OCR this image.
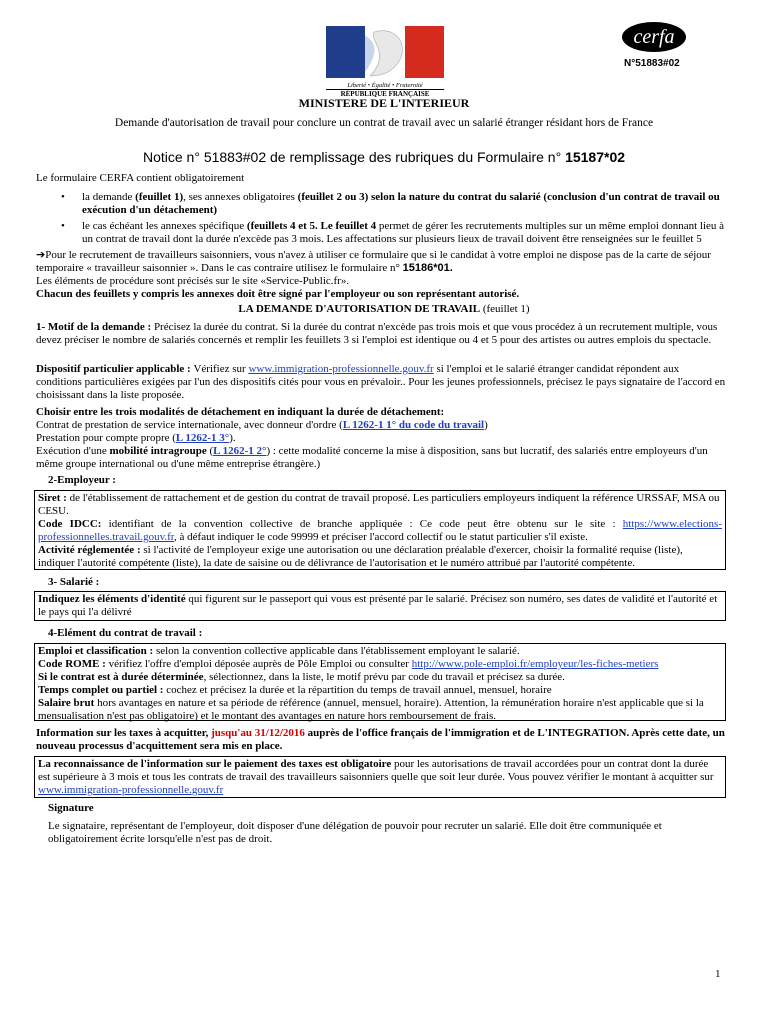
Liberté • Égalité • Fraternité
RÉPUBLIQUE FRANÇAISE
cerfa
N°51883#02
MINISTERE DE L'INTERIEUR
Demande d'autorisation de travail pour conclure un contrat de travail avec un salarié étranger résidant hors de France
Notice n° 51883#02 de remplissage des rubriques du Formulaire n° 15187*02
Le formulaire CERFA contient obligatoirement
• la demande (feuillet 1), ses annexes obligatoires (feuillet 2 ou 3) selon la nature du contrat du salarié (conclusion d'un contrat de travail ou exécution d'un détachement)
• le cas échéant les annexes spécifique (feuillets 4 et 5. Le feuillet 4 permet de gérer les recrutements multiples sur un même emploi donnant lieu à un contrat de travail dont la durée n'excède pas 3 mois. Les affectations sur plusieurs lieux de travail doivent être renseignées sur le feuillet 5
➔Pour le recrutement de travailleurs saisonniers, vous n'avez à utiliser ce formulaire que si le candidat à votre emploi ne dispose pas de la carte de séjour temporaire « travailleur saisonnier ». Dans le cas contraire utilisez le formulaire n° 15186*01.
Les éléments de procédure sont précisés sur le site «Service-Public.fr».
Chacun des feuillets y compris les annexes doit être signé par l'employeur ou son représentant autorisé.
LA DEMANDE D'AUTORISATION DE TRAVAIL (feuillet 1)
1- Motif de la demande : Précisez la durée du contrat. Si la durée du contrat n'excède pas trois mois et que vous procédez à un recrutement multiple, vous devez préciser le nombre de salariés concernés et remplir les feuillets 3 si l'emploi est identique ou 4 et 5 pour des artistes ou autres emplois du spectacle.
Dispositif particulier applicable : Vérifiez sur www.immigration-professionnelle.gouv.fr si l'emploi et le salarié étranger candidat répondent aux conditions particulières exigées par l'un des dispositifs cités pour vous en prévaloir.. Pour les jeunes professionnels, précisez le pays signataire de l'accord en choisissant dans la liste proposée.
Choisir entre les trois modalités de détachement en indiquant la durée de détachement:
Contrat de prestation de service internationale, avec donneur d'ordre (L 1262-1 1° du code du travail)
Prestation pour compte propre (L 1262-1 3°).
Exécution d'une mobilité intragroupe (L 1262-1 2°) : cette modalité concerne la mise à disposition, sans but lucratif, des salariés entre employeurs d'un même groupe international ou d'une même entreprise étrangère.)
2-Employeur :
Siret : de l'établissement de rattachement et de gestion du contrat de travail proposé. Les particuliers employeurs indiquent la référence URSSAF, MSA ou CESU.
Code IDCC: identifiant de la convention collective de branche appliquée : Ce code peut être obtenu sur le site : https://www.elections-professionnelles.travail.gouv.fr, à défaut indiquer le code 99999 et préciser l'accord collectif ou le statut particulier s'il existe.
Activité réglementée : si l'activité de l'employeur exige une autorisation ou une déclaration préalable d'exercer, choisir la formalité requise (liste), indiquer l'autorité compétente (liste), la date de saisine ou de délivrance de l'autorisation et le numéro attribué par l'autorité compétente.
3- Salarié :
Indiquez les éléments d'identité qui figurent sur le passeport qui vous est présenté par le salarié. Précisez son numéro, ses dates de validité et l'autorité et le pays qui l'a délivré
4-Elément du contrat de travail :
Emploi et classification : selon la convention collective applicable dans l'établissement employant le salarié.
Code ROME : vérifiez l'offre d'emploi déposée auprès de Pôle Emploi ou consulter http://www.pole-emploi.fr/employeur/les-fiches-metiers
Si le contrat est à durée déterminée, sélectionnez, dans la liste, le motif prévu par code du travail et précisez sa durée.
Temps complet ou partiel : cochez et précisez la durée et la répartition du temps de travail annuel, mensuel, horaire
Salaire brut hors avantages en nature et sa période de référence (annuel, mensuel, horaire). Attention, la rémunération horaire n'est applicable que si la mensualisation n'est pas obligatoire) et le montant des avantages en nature hors remboursement de frais.
Information sur les taxes à acquitter, jusqu'au 31/12/2016 auprès de l'office français de l'immigration et de L'INTEGRATION. Après cette date, un nouveau processus d'acquittement sera mis en place.
La reconnaissance de l'information sur le paiement des taxes est obligatoire pour les autorisations de travail accordées pour un contrat dont la durée est supérieure à 3 mois et tous les contrats de travail des travailleurs saisonniers quelle que soit leur durée. Vous pouvez vérifier le montant à acquitter sur www.immigration-professionnelle.gouv.fr
Signature
Le signataire, représentant de l'employeur, doit disposer d'une délégation de pouvoir pour recruter un salarié. Elle doit être communiquée et obligatoirement écrite lorsqu'elle n'est pas de droit.
1
